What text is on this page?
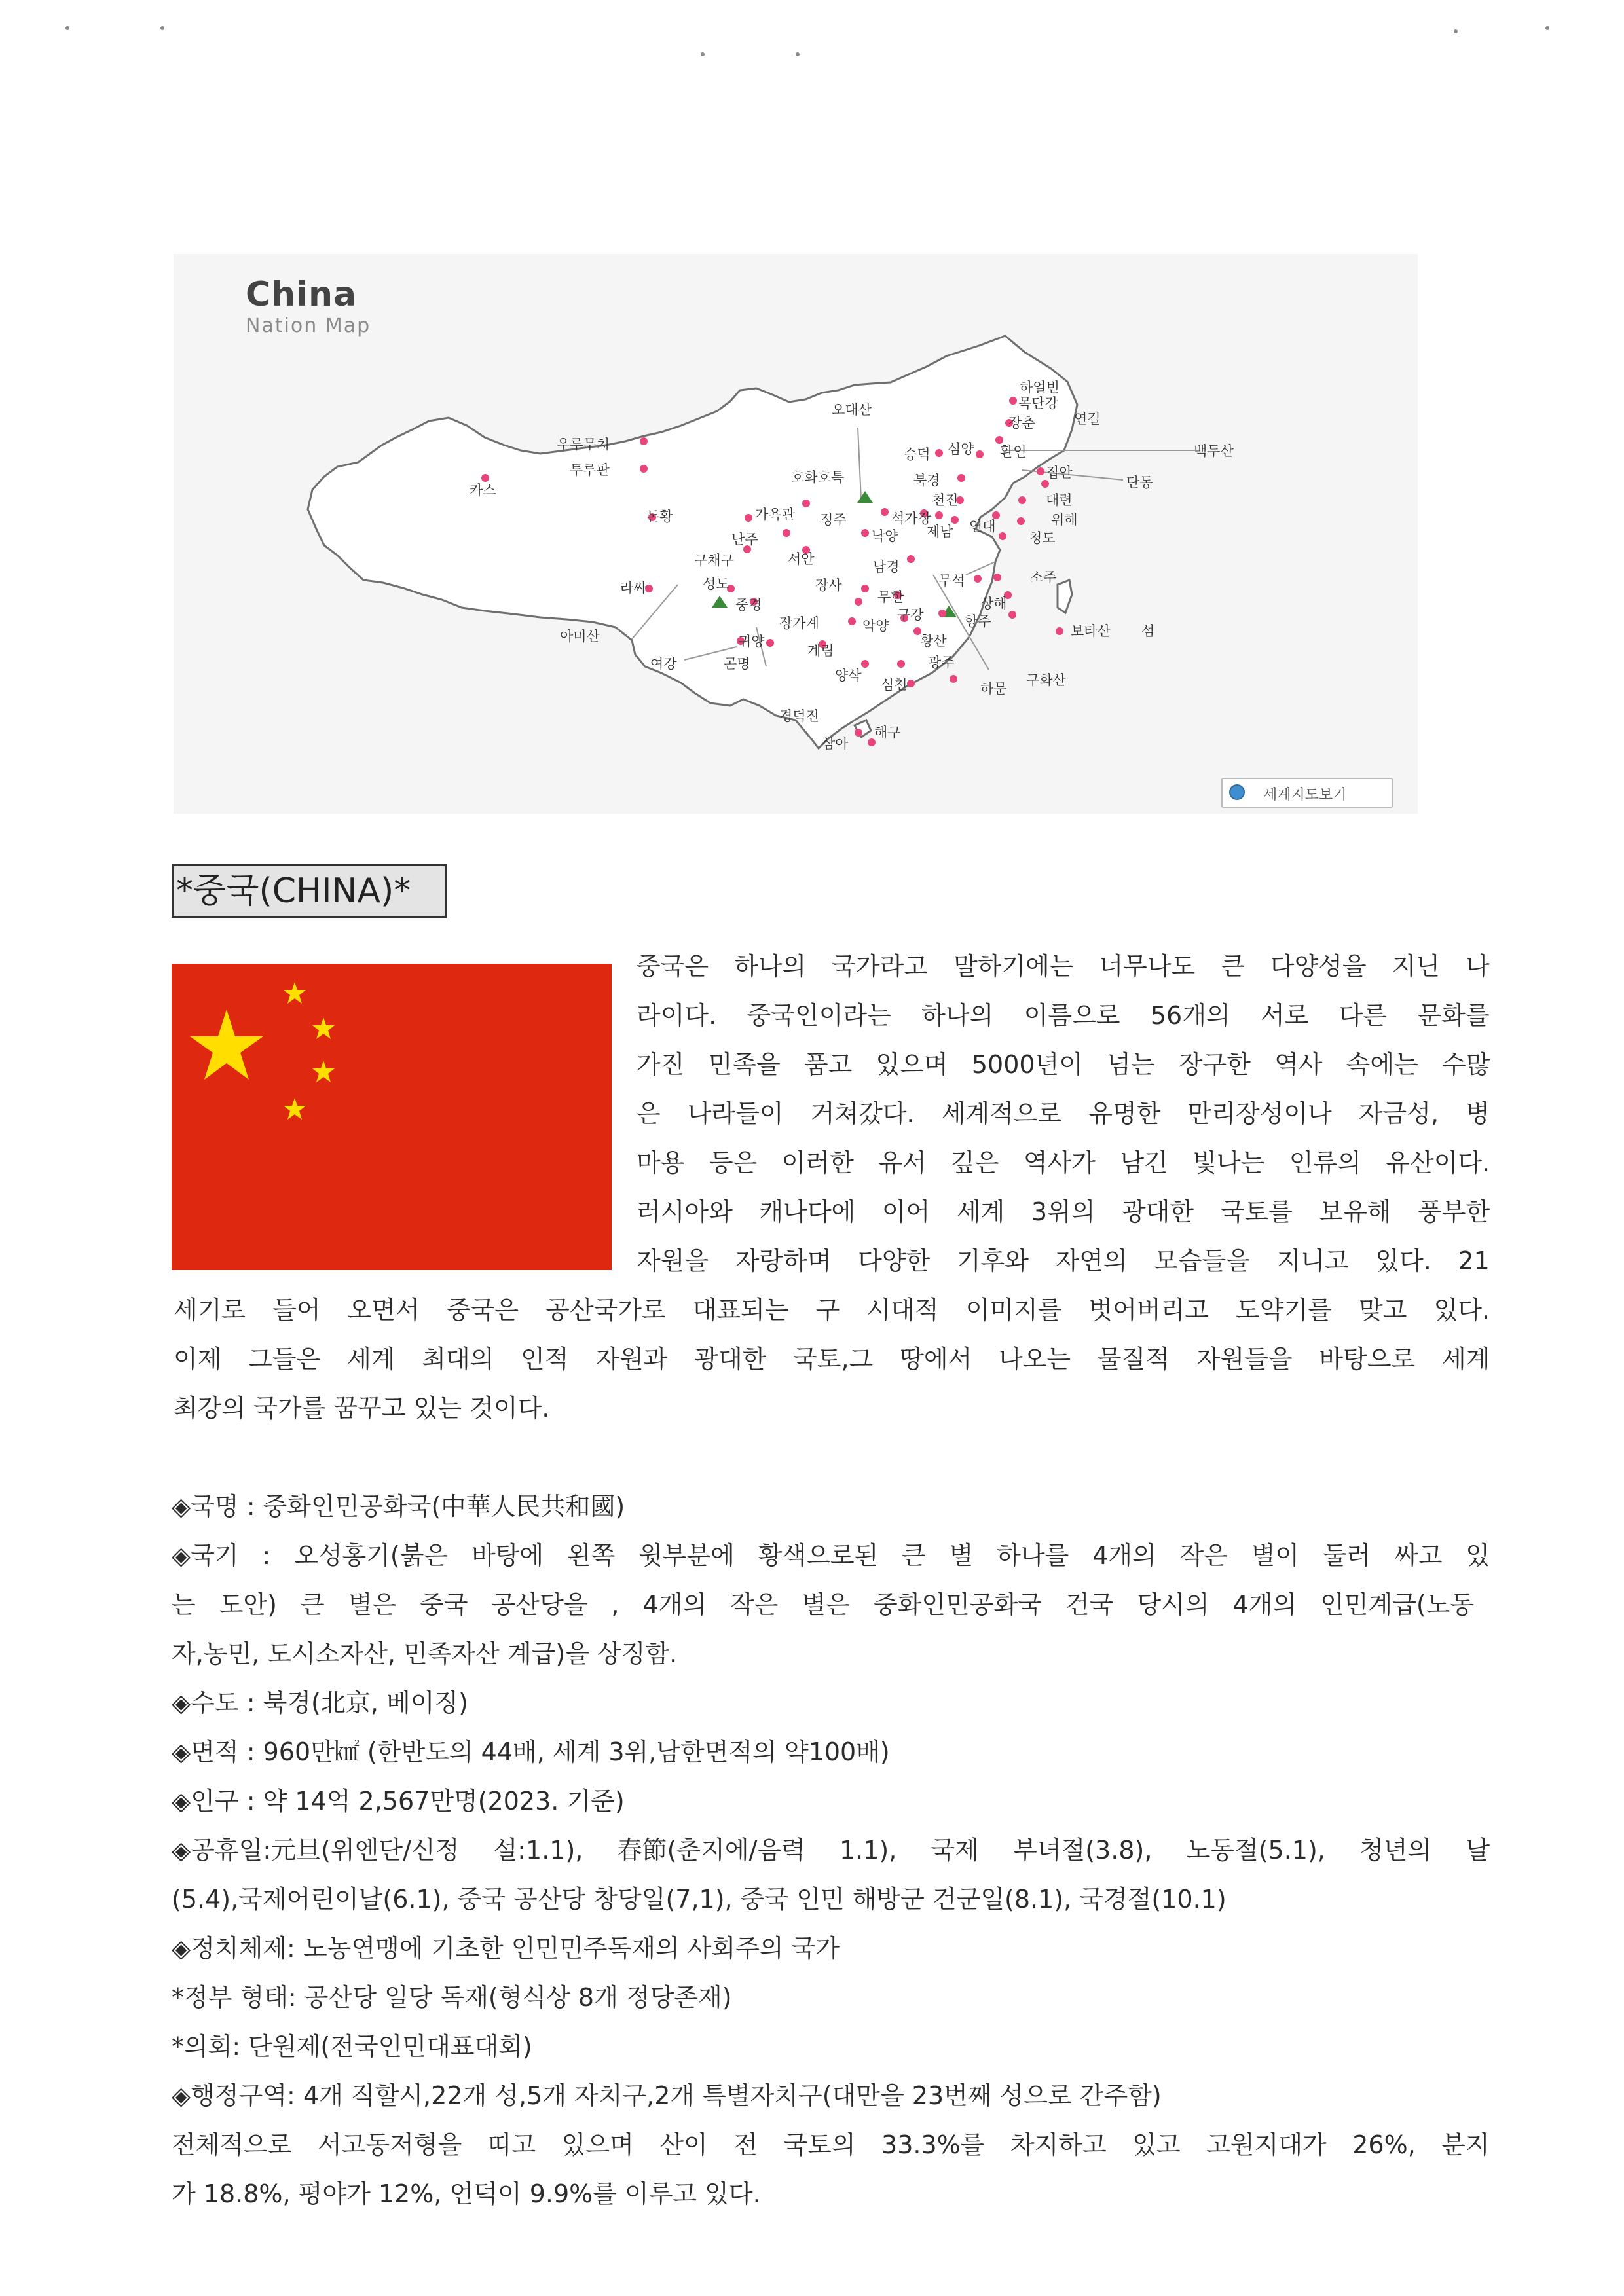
China
Nation Map
하얼빈
목단강
장춘	연길
백두산
오대산
승덕 심양 환인
집안
단동
우루무치
투루판
카스
호화호특	북경
천진	대련
돈황	가욕관 정주	석가장	위해
제남 연대
청도
난주	낙양
구채구	서안	남경
소주
성도	무석
라싸	장사
무한	상해
중경
장가계	악양
구강	항주
보타산 섬
아미산	귀양	황산
계림
여강	곤명	광주
양삭
심천	하문
구화산
경덕진
해구
삼아
세계지도보기
*중국(CHINA)*
중국은 하나의 국가라고 말하기에는 너무나도 큰 다양성을 지닌 나
라이다. 중국인이라는 하나의 이름으로 56개의 서로 다른 문화를
가진 민족을 품고 있으며 5000년이 넘는 장구한 역사 속에는 수많
은 나라들이 거쳐갔다. 세계적으로 유명한 만리장성이나 자금성, 병
마용 등은 이러한 유서 깊은 역사가 남긴 빛나는 인류의 유산이다.
러시아와 캐나다에 이어 세계 3위의 광대한 국토를 보유해 풍부한
자원을 자랑하며 다양한 기후와 자연의 모습들을 지니고 있다. 21
세기로 들어 오면서 중국은 공산국가로 대표되는 구 시대적 이미지를 벗어버리고 도약기를 맞고 있다.
이제 그들은 세계 최대의 인적 자원과 광대한 국토,그 땅에서 나오는 물질적 자원들을 바탕으로 세계
최강의 국가를 꿈꾸고 있는 것이다.
◈국명 : 중화인민공화국(中華人民共和國)
◈국기 : 오성홍기(붉은 바탕에 왼쪽 윗부분에 황색으로된 큰 별 하나를 4개의 작은 별이 둘러 싸고 있
는 도안) 큰 별은 중국 공산당을 , 4개의 작은 별은 중화인민공화국 건국 당시의 4개의 인민계급(노동
자,농민, 도시소자산, 민족자산 계급)을 상징함.
◈수도 : 북경(北京, 베이징)
◈면적 : 960만㎢ (한반도의 44배, 세계 3위,남한면적의 약100배)
◈인구 : 약 14억 2,567만명(2023. 기준)
◈공휴일:元旦(위엔단/신정 설:1.1), 春節(춘지에/음력 1.1), 국제 부녀절(3.8), 노동절(5.1), 청년의 날
(5.4),국제어린이날(6.1), 중국 공산당 창당일(7,1), 중국 인민 해방군 건군일(8.1), 국경절(10.1)
◈정치체제: 노농연맹에 기초한 인민민주독재의 사회주의 국가
*정부 형태: 공산당 일당 독재(형식상 8개 정당존재)
*의회: 단원제(전국인민대표대회)
◈행정구역: 4개 직할시,22개 성,5개 자치구,2개 특별자치구(대만을 23번째 성으로 간주함)
전체적으로 서고동저형을 띠고 있으며 산이 전 국토의 33.3%를 차지하고 있고 고원지대가 26%, 분지
가 18.8%, 평야가 12%, 언덕이 9.9%를 이루고 있다.
